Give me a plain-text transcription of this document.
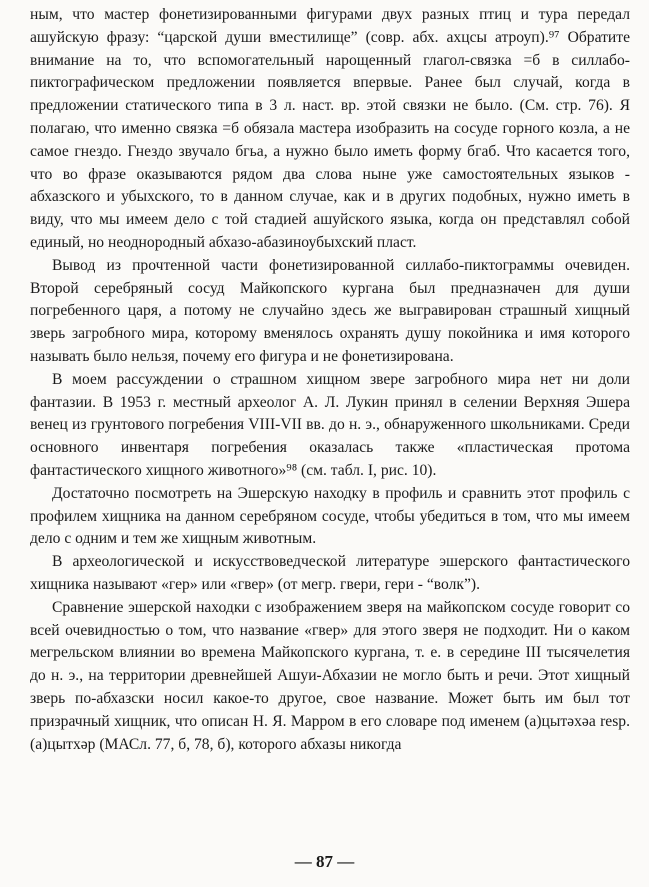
ным, что мастер фонетизированными фигурами двух разных птиц и тура передал ашуйскую фразу: “царской души вместилище” (совр. абх. ахцсы атроуп).⁹⁷ Обратите внимание на то, что вспомогательный нарощенный глагол-связка =б в силлабо-пиктографическом предложении появляется впервые. Ранее был случай, когда в предложении статического типа в 3 л. наст. вр. этой связки не было. (См. стр. 76). Я полагаю, что именно связка =б обязала мастера изобразить на сосуде горного козла, а не самое гнездо. Гнездо звучало бгьа, а нужно было иметь форму бгаб. Что касается того, что во фразе оказываются рядом два слова ныне уже самостоятельных языков - абхазского и убыхского, то в данном случае, как и в других подобных, нужно иметь в виду, что мы имеем дело с той стадией ашуйского языка, когда он представлял собой единый, но неоднородный абхазо-абазиноубыхский пласт.

Вывод из прочтенной части фонетизированной силлабо-пиктограммы очевиден. Второй серебряный сосуд Майкопского кургана был предназначен для души погребенного царя, а потому не случайно здесь же выгравирован страшный хищный зверь загробного мира, которому вменялось охранять душу покойника и имя которого называть было нельзя, почему его фигура и не фонетизирована.

В моем рассуждении о страшном хищном звере загробного мира нет ни доли фантазии. В 1953 г. местный археолог А. Л. Лукин принял в селении Верхняя Эшера венец из грунтового погребения VIII-VII вв. до н. э., обнаруженного школьниками. Среди основного инвентаря погребения оказалась также «пластическая протома фантастического хищного животного»⁹⁸ (см. табл. I, рис. 10).

Достаточно посмотреть на Эшерскую находку в профиль и сравнить этот профиль с профилем хищника на данном серебряном сосуде, чтобы убедиться в том, что мы имеем дело с одним и тем же хищным животным.

В археологической и искусствоведческой литературе эшерского фантастического хищника называют «гер» или «гвер» (от мегр. гвери, гери - “волк”).

Сравнение эшерской находки с изображением зверя на майкопском сосуде говорит со всей очевидностью о том, что название «гвер» для этого зверя не подходит. Ни о каком мегрельском влиянии во времена Майкопского кургана, т. е. в середине III тысячелетия до н. э., на территории древнейшей Ашуи-Абхазии не могло быть и речи. Этот хищный зверь по-абхазски носил какое-то другое, свое название. Может быть им был тот призрачный хищник, что описан Н. Я. Марром в его словаре под именем (а)цытәхәа resp. (а)цытхәр (МАСл. 77, б, 78, б), которого абхазы никогда

— 87 —
